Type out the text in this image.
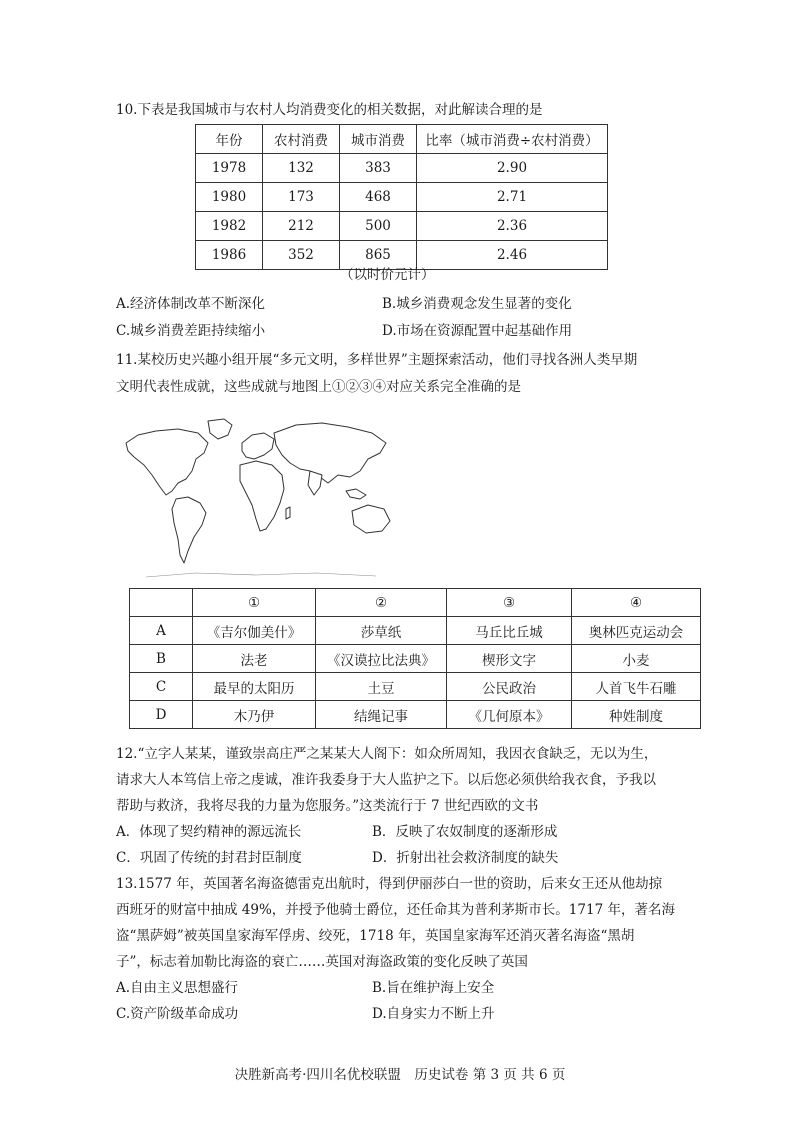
10.下表是我国城市与农村人均消费变化的相关数据，对此解读合理的是
年份	农村消费	城市消费	比率（城市消费÷农村消费）
1978	132	383	2.90
1980	173	468	2.71
1982	212	500	2.36
1986	352	865	2.46
（以时价元计）
A.经济体制改革不断深化	B.城乡消费观念发生显著的变化
C.城乡消费差距持续缩小	D.市场在资源配置中起基础作用
11.某校历史兴趣小组开展“多元文明，多样世界”主题探索活动，他们寻找各洲人类早期
文明代表性成就，这些成就与地图上①②③④对应关系完全准确的是
	①	②	③	④
A	《吉尔伽美什》	莎草纸	马丘比丘城	奥林匹克运动会
B	法老	《汉谟拉比法典》	楔形文字	小麦
C	最早的太阳历	土豆	公民政治	人首飞牛石雕
D	木乃伊	结绳记事	《几何原本》	种姓制度
12.“立字人某某，谨致崇高庄严之某某大人阁下：如众所周知，我因衣食缺乏，无以为生，
请求大人本笃信上帝之虔诚，准许我委身于大人监护之下。以后您必须供给我衣食，予我以
帮助与救济，我将尽我的力量为您服务。”这类流行于 7 世纪西欧的文书
A．体现了契约精神的源远流长	B．反映了农奴制度的逐渐形成
C．巩固了传统的封君封臣制度	D．折射出社会救济制度的缺失
13.1577 年，英国著名海盗德雷克出航时，得到伊丽莎白一世的资助，后来女王还从他劫掠
西班牙的财富中抽成 49%，并授予他骑士爵位，还任命其为普利茅斯市长。1717 年，著名海
盗“黑萨姆”被英国皇家海军俘虏、绞死，1718 年，英国皇家海军还消灭著名海盗“黑胡
子”，标志着加勒比海盗的衰亡……英国对海盗政策的变化反映了英国
A.自由主义思想盛行	B.旨在维护海上安全
C.资产阶级革命成功	D.自身实力不断上升
决胜新高考·四川名优校联盟　历史试卷 第 3 页 共 6 页
